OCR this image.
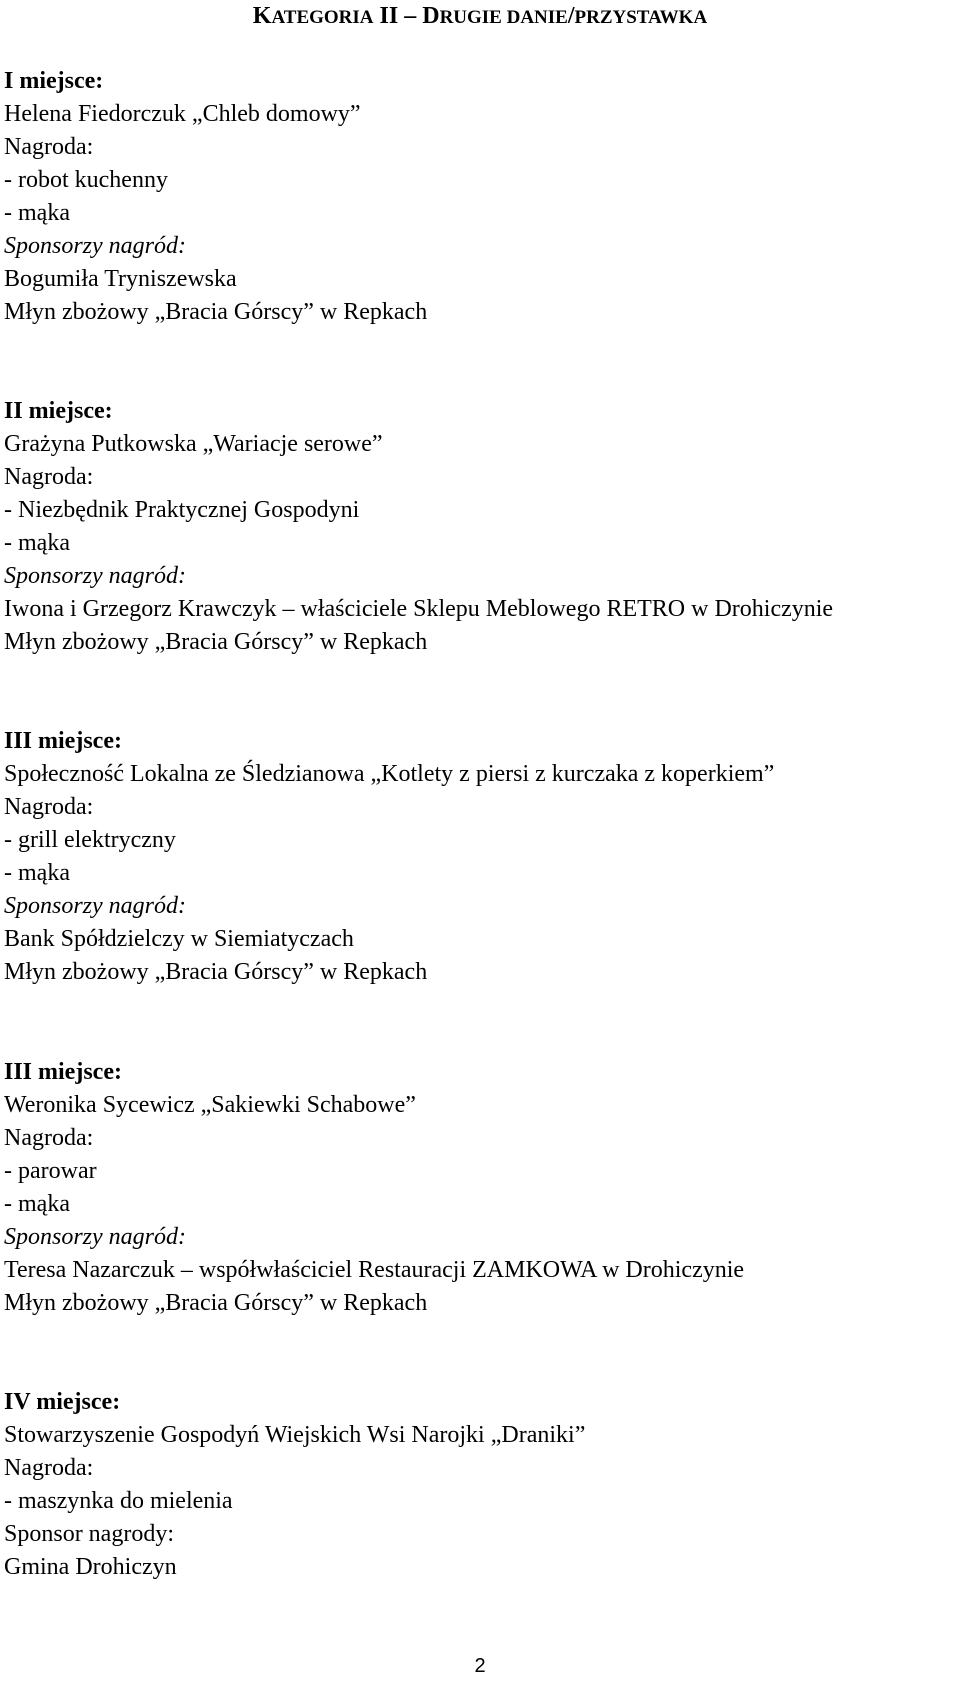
KATEGORIA II – DRUGIE DANIE/PRZYSTAWKA
I miejsce:
Helena Fiedorczuk „Chleb domowy”
Nagroda:
- robot kuchenny
- mąka
Sponsorzy nagród:
Bogumiła Tryniszewska
Młyn zbożowy „Bracia Górscy” w Repkach
II miejsce:
Grażyna Putkowska „Wariacje serowe”
Nagroda:
- Niezbędnik Praktycznej Gospodyni
- mąka
Sponsorzy nagród:
Iwona i Grzegorz Krawczyk – właściciele Sklepu Meblowego RETRO w Drohiczynie
Młyn zbożowy „Bracia Górscy” w Repkach
III miejsce:
Społeczność Lokalna ze Śledzianowa „Kotlety z piersi z kurczaka z koperkiem”
Nagroda:
- grill elektryczny
- mąka
Sponsorzy nagród:
Bank Spółdzielczy w Siemiatyczach
Młyn zbożowy „Bracia Górscy” w Repkach
III miejsce:
Weronika Sycewicz „Sakiewki Schabowe”
Nagroda:
- parowar
- mąka
Sponsorzy nagród:
Teresa Nazarczuk – współwłaściciel Restauracji ZAMKOWA w Drohiczynie
Młyn zbożowy „Bracia Górscy” w Repkach
IV miejsce:
Stowarzyszenie Gospodyń Wiejskich Wsi Narojki „Draniki”
Nagroda:
- maszynka do mielenia
Sponsor nagrody:
Gmina Drohiczyn
2
